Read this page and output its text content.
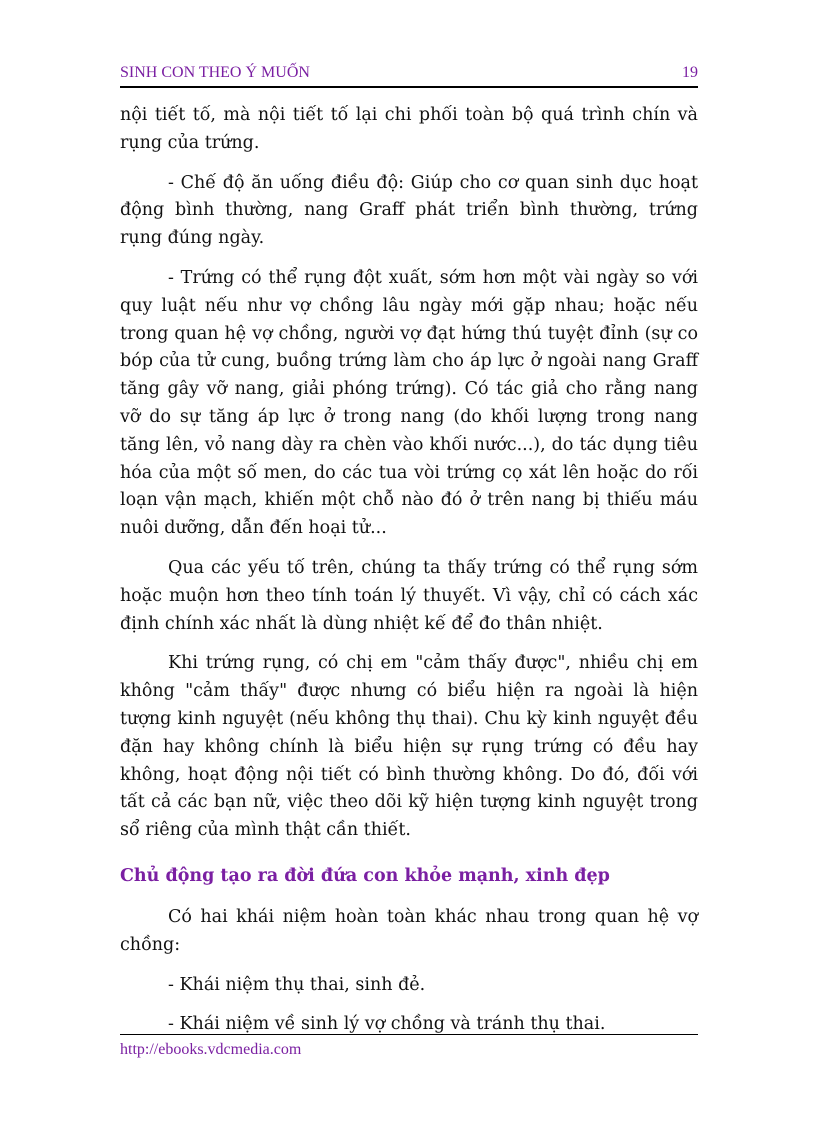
SINH CON THEO Ý MUỐN	19

nội tiết tố, mà nội tiết tố lại chi phối toàn bộ quá trình chín và rụng của trứng.

- Chế độ ăn uống điều độ: Giúp cho cơ quan sinh dục hoạt động bình thường, nang Graff phát triển bình thường, trứng rụng đúng ngày.

- Trứng có thể rụng đột xuất, sớm hơn một vài ngày so với quy luật nếu như vợ chồng lâu ngày mới gặp nhau; hoặc nếu trong quan hệ vợ chồng, người vợ đạt hứng thú tuyệt đỉnh (sự co bóp của tử cung, buồng trứng làm cho áp lực ở ngoài nang Graff tăng gây vỡ nang, giải phóng trứng). Có tác giả cho rằng nang vỡ do sự tăng áp lực ở trong nang (do khối lượng trong nang tăng lên, vỏ nang dày ra chèn vào khối nước...), do tác dụng tiêu hóa của một số men, do các tua vòi trứng cọ xát lên hoặc do rối loạn vận mạch, khiến một chỗ nào đó ở trên nang bị thiếu máu nuôi dưỡng, dẫn đến hoại tử...

Qua các yếu tố trên, chúng ta thấy trứng có thể rụng sớm hoặc muộn hơn theo tính toán lý thuyết. Vì vậy, chỉ có cách xác định chính xác nhất là dùng nhiệt kế để đo thân nhiệt.

Khi trứng rụng, có chị em "cảm thấy được", nhiều chị em không "cảm thấy" được nhưng có biểu hiện ra ngoài là hiện tượng kinh nguyệt (nếu không thụ thai). Chu kỳ kinh nguyệt đều đặn hay không chính là biểu hiện sự rụng trứng có đều hay không, hoạt động nội tiết có bình thường không. Do đó, đối với tất cả các bạn nữ, việc theo dõi kỹ hiện tượng kinh nguyệt trong sổ riêng của mình thật cần thiết.

Chủ động tạo ra đời đứa con khỏe mạnh, xinh đẹp

Có hai khái niệm hoàn toàn khác nhau trong quan hệ vợ chồng:

- Khái niệm thụ thai, sinh đẻ.

- Khái niệm về sinh lý vợ chồng và tránh thụ thai.

http://ebooks.vdcmedia.com
